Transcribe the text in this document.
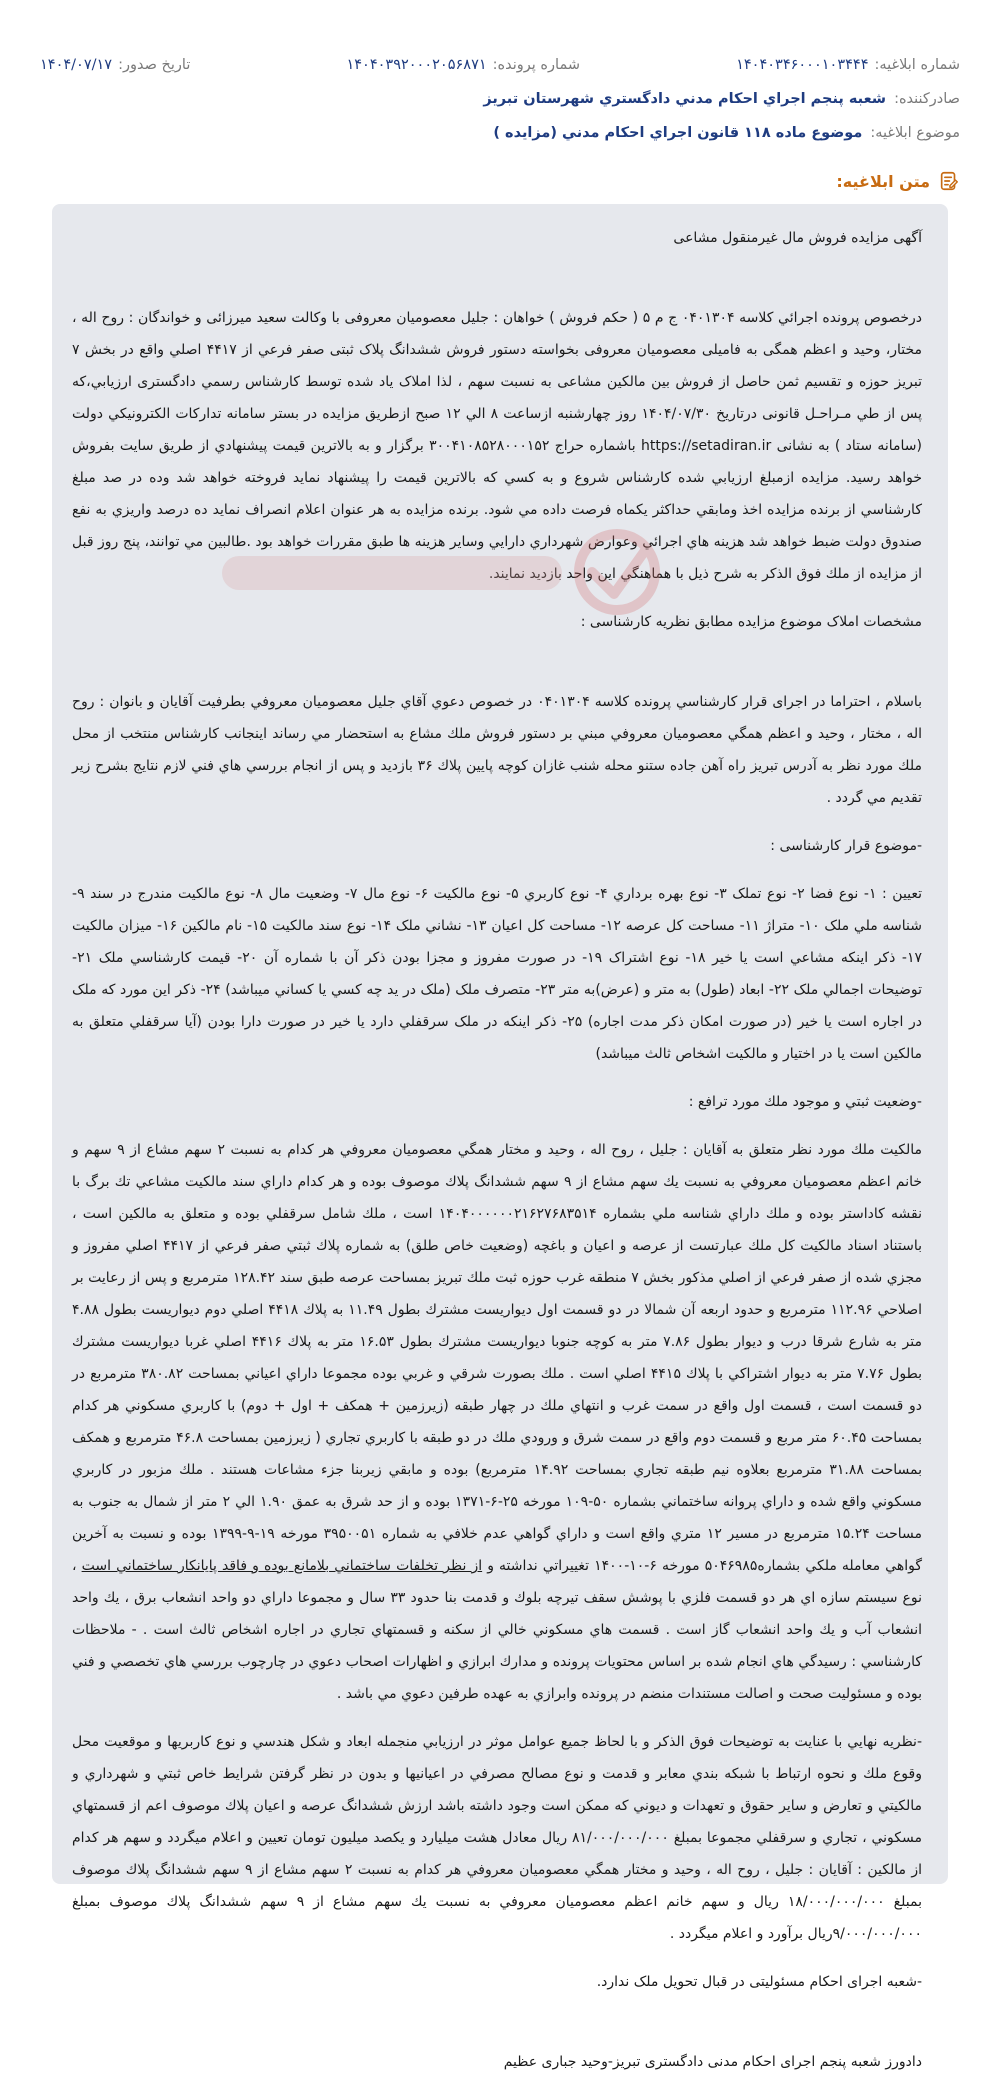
شماره ابلاغیه:
۱۴۰۴۰۳۴۶۰۰۰۱۰۳۴۴۴
شماره پرونده:
۱۴۰۴۰۳۹۲۰۰۰۲۰۵۶۸۷۱
تاریخ صدور:
۱۴۰۴/۰۷/۱۷
صادرکننده:
شعبه پنجم اجراي احكام مدني دادگستري شهرستان تبريز
موضوع ابلاغیه:
موضوع ماده ۱۱۸ قانون اجراي احكام مدني (مزايده )
متن ابلاغیه:

آگهی مزایده فروش مال غیرمنقول مشاعی

درخصوص پرونده اجرائي كلاسه ۰۴۰۱۳۰۴ ج م ۵ ( حکم فروش ) خواهان : جلیل معصومیان معروفی با وکالت سعید میرزائی و خواندگان : روح اله ، مختار، وحید و اعظم همگی به فامیلی معصومیان معروفی بخواسته دستور فروش ششدانگ پلاک ثبتی صفر فرعي از ۴۴۱۷ اصلي واقع در بخش ۷ تبريز حوزه و تقسیم ثمن حاصل از فروش بین مالکین مشاعی به نسبت سهم ، لذا املاک یاد شده توسط كارشناس رسمي دادگستری ارزيابي،كه پس از طي مـراحـل قانونی درتاريخ ۱۴۰۴/۰۷/۳۰ روز چهارشنبه ازساعت ۸ الي ۱۲ صبح ازطريق مزايده در بستر سامانه تداركات الكترونيكي دولت (سامانه ستاد ) به نشانی https://setadiran.ir باشماره حراج ۳۰۰۴۱۰۸۵۲۸۰۰۰۱۵۲ برگزار و به بالاترين قيمت پيشنهادي از طريق سايت بفروش خواهد رسيد. مزایده ازمبلغ ارزيابي شده كارشناس شروع و به كسي كه بالاترين قيمت را پيشنهاد نمايد فروخته خواهد شد وده در صد مبلغ كارشناسي از برنده مزايده اخذ ومابقي حداكثر يكماه فرصت داده مي شود. برنده مزايده به هر عنوان اعلام انصراف نمايد ده درصد واريزي به نفع صندوق دولت ضبط خواهد شد هزينه هاي اجرائي وعوارض شهرداري دارايي وساير هزينه ها طبق مقررات خواهد بود .طالبين مي توانند، پنج روز قبل از مزايده از ملك فوق الذكر به شرح ذيل با هماهنگي اين واحد بازديد نمايند.

مشخصات املاک موضوع مزایده مطابق نظریه کارشناسی :

باسلام ، احتراما در اجرای قرار کارشناسي پرونده کلاسه ۰۴۰۱۳۰۴ در خصوص دعوي آقاي جليل معصوميان معروفي بطرفيت آقايان و بانوان : روح اله ، مختار ، وحيد و اعظم همگي معصوميان معروفي مبني بر دستور فروش ملك مشاع به استحضار مي رساند اينجانب كارشناس منتخب از محل ملك مورد نظر به آدرس تبريز راه آهن جاده ستنو محله شنب غازان كوچه پايين پلاك ۳۶ بازديد و پس از انجام بررسي هاي فني لازم نتايج بشرح زير تقديم مي گردد .

-موضوع قرار کارشناسی :

تعيين : ۱- نوع فضا ۲- نوع تملک ۳- نوع بهره برداري ۴- نوع کاربري ۵- نوع مالکيت ۶- نوع مال ۷- وضعيت مال ۸- نوع مالکيت مندرج در سند ۹- شناسه ملي ملک ۱۰- متراژ ۱۱- مساحت کل عرصه ۱۲- مساحت کل اعيان ۱۳- نشاني ملک ۱۴- نوع سند مالکيت ۱۵- نام مالکين ۱۶- ميزان مالکيت ۱۷- ذکر اينکه مشاعي است يا خير ۱۸- نوع اشتراک ۱۹- در صورت مفروز و مجزا بودن ذکر آن با شماره آن ۲۰- قيمت کارشناسي ملک ۲۱- توضيحات اجمالي ملک ۲۲- ابعاد (طول) به متر و (عرض)به متر ۲۳- متصرف ملک (ملک در يد چه کسي يا کساني ميباشد) ۲۴- ذکر اين مورد که ملک در اجاره است يا خير (در صورت امکان ذکر مدت اجاره) ۲۵- ذکر اينکه در ملک سرقفلي دارد يا خير در صورت دارا بودن (آيا سرقفلي متعلق به مالکين است يا در اختيار و مالکيت اشخاص ثالث ميباشد)

-وضعیت ثبتي و موجود ملك مورد ترافع :

مالكيت ملك مورد نظر متعلق به آقايان : جليل ، روح اله ، وحيد و مختار همگي معصوميان معروفي هر كدام به نسبت ۲ سهم مشاع از ۹ سهم و خانم اعظم معصوميان معروفي به نسبت يك سهم مشاع از ۹ سهم ششدانگ پلاك موصوف بوده و هر كدام داراي سند مالكيت مشاعي تك برگ با نقشه كاداستر بوده و ملك داراي شناسه ملي بشماره ۱۴۰۴۰۰۰۰۰۰۲۱۶۲۷۶۸۳۵۱۴ است ، ملك شامل سرقفلي بوده و متعلق به مالكين است ، باستناد اسناد مالكيت كل ملك عبارتست از عرصه و اعيان و باغچه (وضعيت خاص طلق) به شماره پلاك ثبتي صفر فرعي از ۴۴۱۷ اصلي مفروز و مجزي شده از صفر فرعي از اصلي مذكور بخش ۷ منطقه غرب حوزه ثبت ملك تبريز بمساحت عرصه طبق سند ۱۲۸.۴۲ مترمربع و پس از رعايت بر اصلاحي ۱۱۲.۹۶ مترمربع و حدود اربعه آن شمالا در دو قسمت اول ديواريست مشترك بطول ۱۱.۴۹ به پلاك ۴۴۱۸ اصلي دوم ديواريست بطول ۴.۸۸ متر به شارع شرقا درب و ديوار بطول ۷.۸۶ متر به كوچه جنوبا ديواريست مشترك بطول ۱۶.۵۳ متر به پلاك ۴۴۱۶ اصلي غربا ديواريست مشترك بطول ۷.۷۶ متر به ديوار اشتراكي با پلاك ۴۴۱۵ اصلي است . ملك بصورت شرقي و غربي بوده مجموعا داراي اعياني بمساحت ۳۸۰.۸۲ مترمربع در دو قسمت است ، قسمت اول واقع در سمت غرب و انتهاي ملك در چهار طبقه (زيرزمين + همكف + اول + دوم) با كاربري مسكوني هر كدام بمساحت ۶۰.۴۵ متر مربع و قسمت دوم واقع در سمت شرق و ورودي ملك در دو طبقه با كاربري تجاري ( زيرزمين بمساحت ۴۶.۸ مترمربع و همكف بمساحت ۳۱.۸۸ مترمربع بعلاوه نيم طبقه تجاري بمساحت ۱۴.۹۲ مترمربع) بوده و مابقي زيربنا جزء مشاعات هستند . ملك مزبور در كاربري مسكوني واقع شده و داراي پروانه ساختماني بشماره ۵۰-۱۰۹ مورخه ۲۵-۶-۱۳۷۱ بوده و از حد شرق به عمق ۱.۹۰ الي ۲ متر از شمال به جنوب به مساحت ۱۵.۲۴ مترمربع در مسير ۱۲ متري واقع است و داراي گواهي عدم خلافي به شماره ۳۹۵۰۰۵۱ مورخه ۱۹-۹-۱۳۹۹ بوده و نسبت به آخرين گواهي معامله ملكي بشماره۵۰۴۶۹۸۵ مورخه ۶-۱۰-۱۴۰۰ تغييراتي نداشته و از نظر تخلفات ساختماني بلامانع بوده و فاقد پايانكار ساختماني است ، نوع سيستم سازه اي هر دو قسمت فلزي با پوشش سقف تيرچه بلوك و قدمت بنا حدود ۳۳ سال و مجموعا داراي دو واحد انشعاب برق ، يك واحد انشعاب آب و يك واحد انشعاب گاز است . قسمت هاي مسكوني خالي از سكنه و قسمتهاي تجاري در اجاره اشخاص ثالث است . - ملاحظات كارشناسي : رسيدگي هاي انجام شده بر اساس محتويات پرونده و مدارك ابرازي و اظهارات اصحاب دعوي در چارچوب بررسي هاي تخصصي و فني بوده و مسئوليت صحت و اصالت مستندات منضم در پرونده وابرازي به عهده طرفين دعوي مي باشد .

-نظريه نهايي با عنايت به توضيحات فوق الذكر و با لحاظ جميع عوامل موثر در ارزيابي منجمله ابعاد و شكل هندسي و نوع كاربريها و موقعيت محل وقوع ملك و نحوه ارتباط با شبكه بندي معابر و قدمت و نوع مصالح مصرفي در اعيانيها و بدون در نظر گرفتن شرايط خاص ثبتي و شهرداري و مالكيتي و تعارض و ساير حقوق و تعهدات و ديوني كه ممكن است وجود داشته باشد ارزش ششدانگ عرصه و اعيان پلاك موصوف اعم از قسمتهاي مسكوني ، تجاري و سرقفلي مجموعا بمبلغ ۸۱/۰۰۰/۰۰۰/۰۰۰ ريال معادل هشت ميليارد و يكصد ميليون تومان تعيين و اعلام ميگردد و سهم هر كدام از مالكين : آقايان : جليل ، روح اله ، وحيد و مختار همگي معصوميان معروفي هر كدام به نسبت ۲ سهم مشاع از ۹ سهم ششدانگ پلاك موصوف بمبلغ ۱۸/۰۰۰/۰۰۰/۰۰۰ ريال و سهم خانم اعظم معصوميان معروفي به نسبت يك سهم مشاع از ۹ سهم ششدانگ پلاك موصوف بمبلغ ۹/۰۰۰/۰۰۰/۰۰۰ريال برآورد و اعلام ميگردد .

-شعبه اجرای احکام مسئولیتی در قبال تحویل ملک ندارد.

دادورز شعبه پنجم اجرای احکام مدنی دادگستری تبریز-وحید جباری عظیم
